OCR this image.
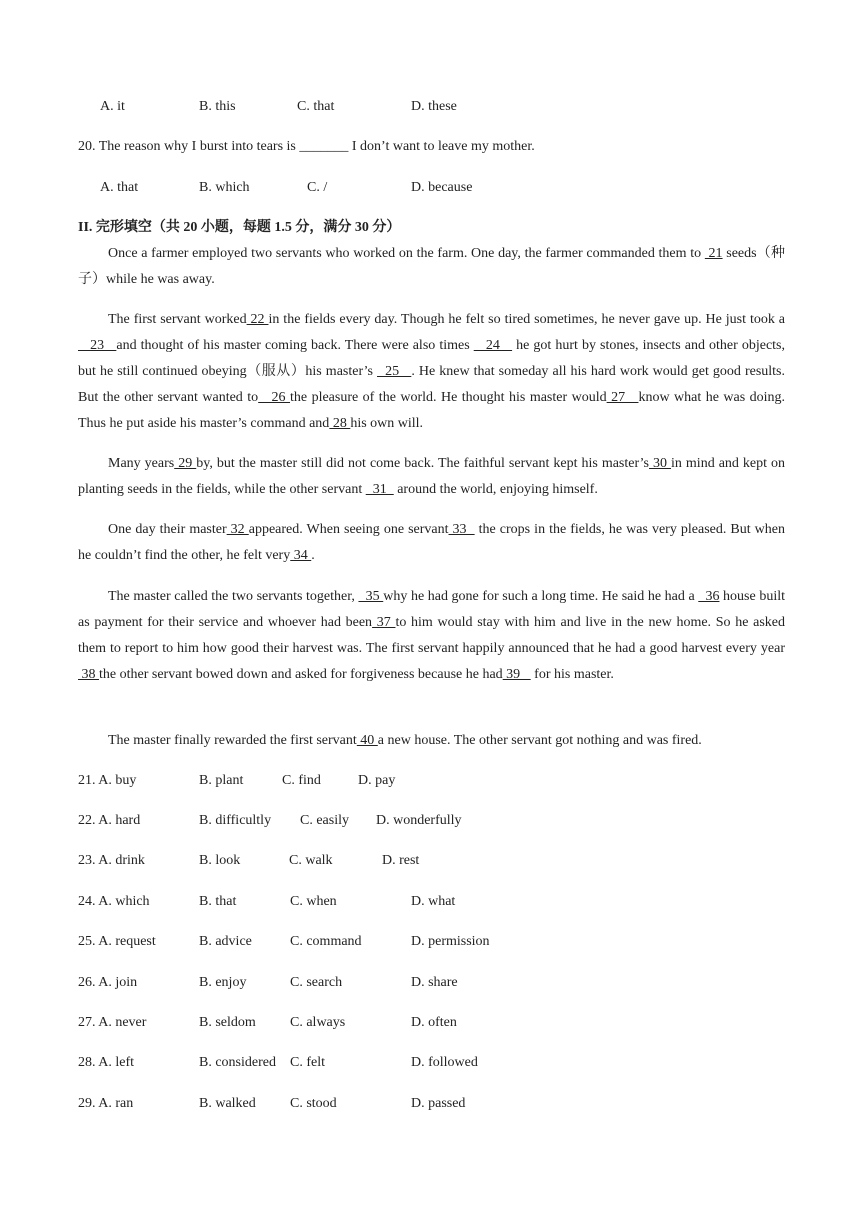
A. it	B. this	C. that	D. these
20. The reason why I burst into tears is _______ I don’t want to leave my mother.
A. that	B. which	C. /	D. because
II. 完形填空（共 20 小题，每题 1.5 分，满分 30 分）
Once a farmer employed two servants who worked on the farm. One day, the farmer commanded them to  21 seeds（种子）while he was away.
The first servant worked 22 in the fields every day. Though he felt so tired sometimes, he never gave up. He just took a   23   and thought of his master coming back. There were also times    24    he got hurt by stones, insects and other objects, but he still continued obeying（服从）his master’s   25   . He knew that someday all his hard work would get good results. But the other servant wanted to   26 the pleasure of the world. He thought his master would 27   know what he was doing. Thus he put aside his master’s command and 28 his own will.
Many years 29 by, but the master still did not come back. The faithful servant kept his master’s 30 in mind and kept on planting seeds in the fields, while the other servant   31   around the world, enjoying himself.
One day their master 32 appeared. When seeing one servant 33   the crops in the fields, he was very pleased. But when he couldn’t find the other, he felt very 34 .
The master called the two servants together,   35 why he had gone for such a long time. He said he had a   36 house built as payment for their service and whoever had been 37 to him would stay with him and live in the new home. So he asked them to report to him how good their harvest was. The first servant happily announced that he had a good harvest every year 38 the other servant bowed down and asked for forgiveness because he had 39    for his master.
The master finally rewarded the first servant 40 a new house. The other servant got nothing and was fired.
21. A. buy	B. plant	C. find	D. pay
22. A. hard	B. difficultly C. easily D. wonderfully
23. A. drink	B. look	C. walk	D. rest
24. A. which	B. that	C. when	D. what
25. A. request	B. advice	C. command	D. permission
26. A. join	B. enjoy	C. search	D. share
27. A. never	B. seldom C. always	D. often
28. A. left	B. considered C. felt	D. followed
29. A. ran	B. walked C. stood	D. passed
